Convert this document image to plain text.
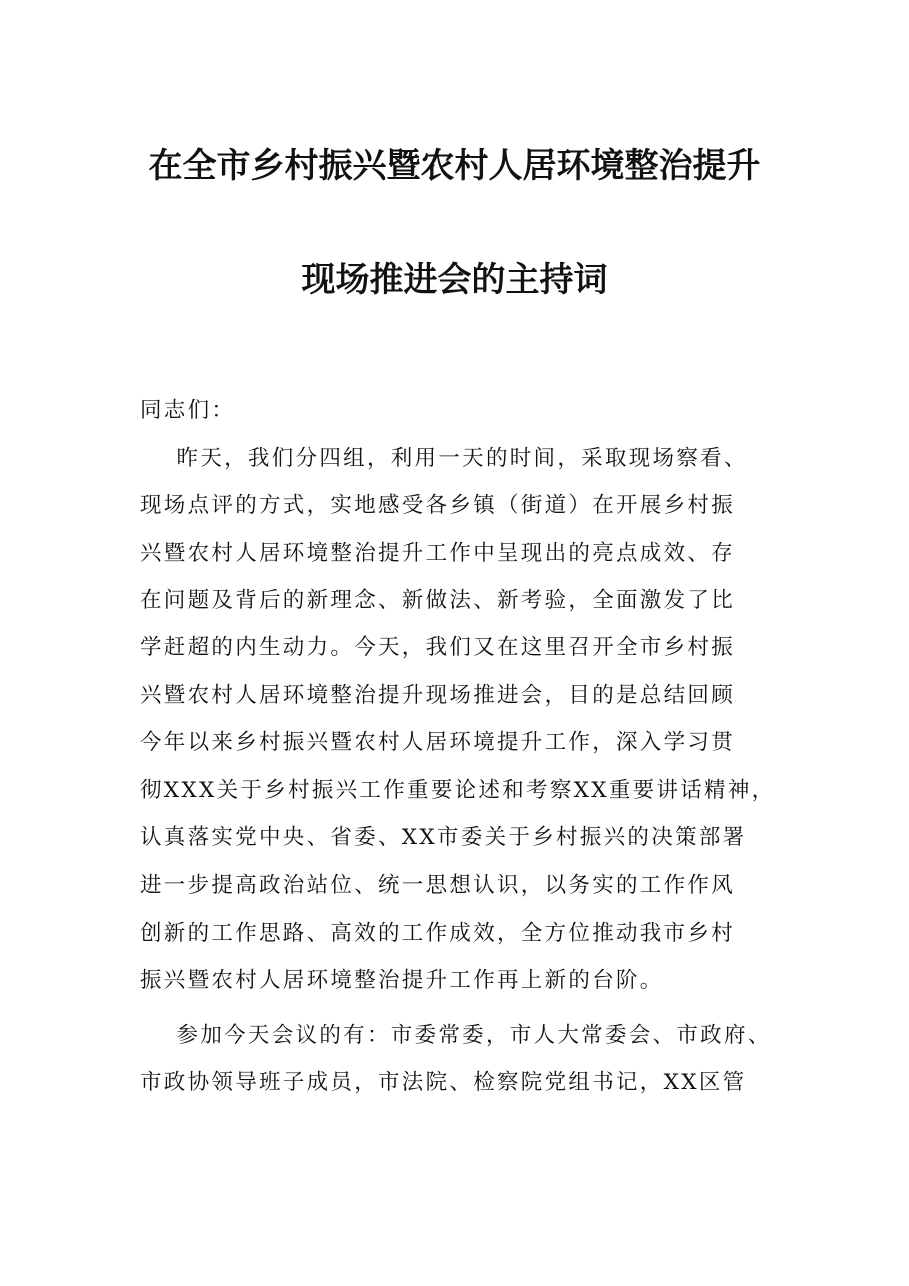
在全市乡村振兴暨农村人居环境整治提升
现场推进会的主持词
同志们：
昨天，我们分四组，利用一天的时间，采取现场察看、
现场点评的方式，实地感受各乡镇（街道）在开展乡村振
兴暨农村人居环境整治提升工作中呈现出的亮点成效、存
在问题及背后的新理念、新做法、新考验，全面激发了比
学赶超的内生动力。今天，我们又在这里召开全市乡村振
兴暨农村人居环境整治提升现场推进会，目的是总结回顾
今年以来乡村振兴暨农村人居环境提升工作，深入学习贯
彻XXX关于乡村振兴工作重要论述和考察XX重要讲话精神，
认真落实党中央、省委、XX市委关于乡村振兴的决策部署
进一步提高政治站位、统一思想认识，以务实的工作作风
创新的工作思路、高效的工作成效，全方位推动我市乡村
振兴暨农村人居环境整治提升工作再上新的台阶。
参加今天会议的有：市委常委，市人大常委会、市政府、
市政协领导班子成员，市法院、检察院党组书记，XX区管
